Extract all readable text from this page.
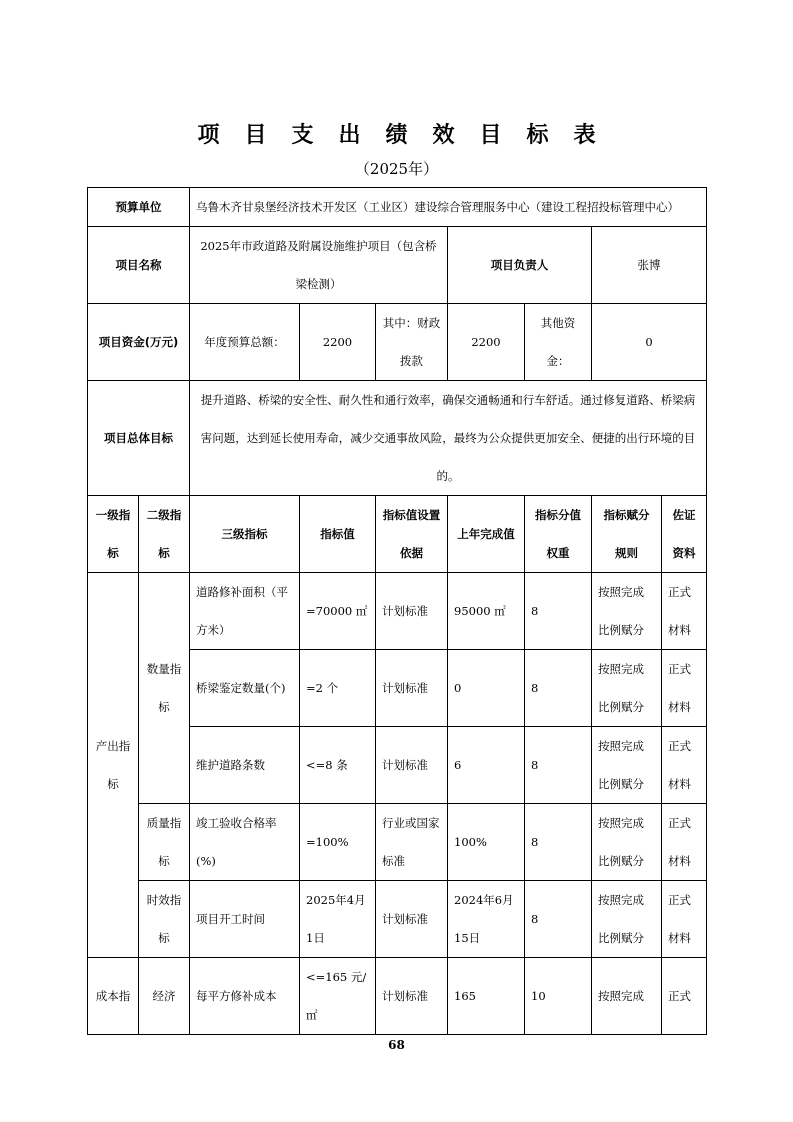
项目支出绩效目标表
（2025年）
预算单位		乌鲁木齐甘泉堡经济技术开发区（工业区）建设综合管理服务中心（建设工程招投标管理中心）						
项目名称		2025年市政道路及附属设施维护项目（包含桥梁检测）			项目负责人		张博	
项目资金(万元)		年度预算总额：	2200	其中：财政拨款	2200	其他资金：	0	
项目总体目标		提升道路、桥梁的安全性、耐久性和通行效率，确保交通畅通和行车舒适。通过修复道路、桥梁病害问题，达到延长使用寿命，减少交通事故风险，最终为公众提供更加安全、便捷的出行环境的目的。						
一级指标	二级指标	三级指标	指标值	指标值设置依据	上年完成值	指标分值权重	指标赋分规则	佐证资料
产出指标	数量指标	道路修补面积（平方米）	=70000 ㎡	计划标准	95000 ㎡	8	按照完成比例赋分	正式材料
		桥梁鉴定数量(个)	=2 个	计划标准	0	8	按照完成比例赋分	正式材料
		维护道路条数	<=8 条	计划标准	6	8	按照完成比例赋分	正式材料
	质量指标	竣工验收合格率(%)	=100%	行业或国家标准	100%	8	按照完成比例赋分	正式材料
	时效指标	项目开工时间	2025年4月1日	计划标准	2024年6月15日	8	按照完成比例赋分	正式材料
成本指	经济	每平方修补成本	<=165 元/㎡	计划标准	165	10	按照完成	正式
68
